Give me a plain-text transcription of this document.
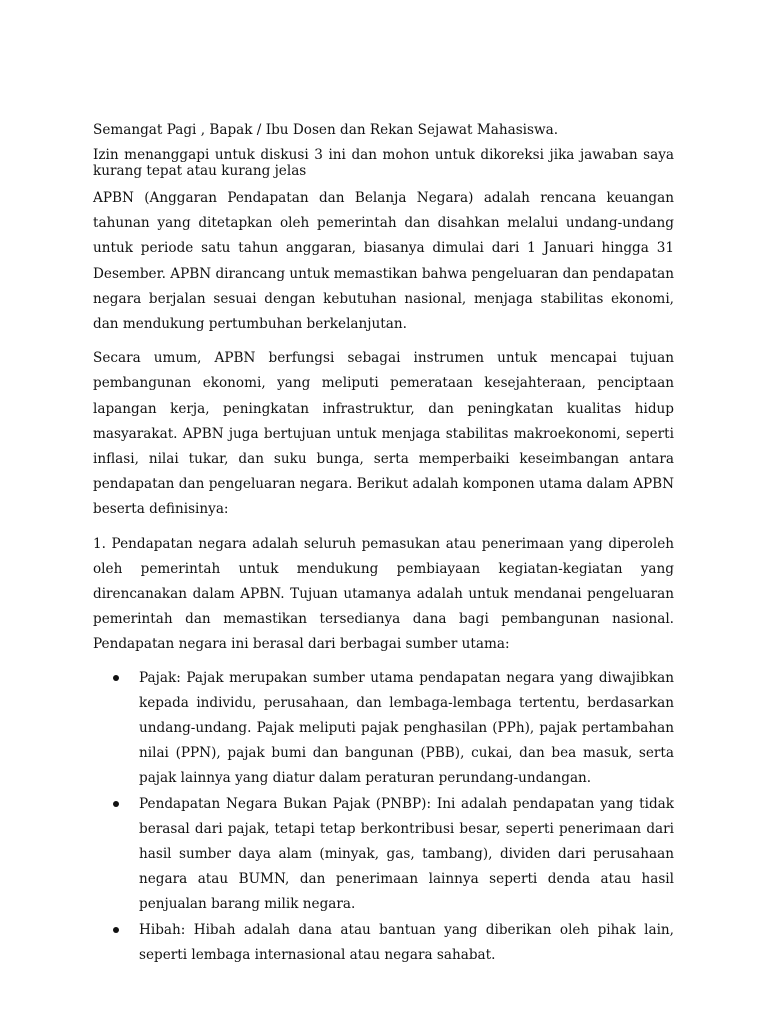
Semangat Pagi , Bapak / Ibu Dosen dan Rekan Sejawat Mahasiswa.

Izin menanggapi untuk diskusi 3 ini dan mohon untuk dikoreksi jika jawaban saya kurang tepat atau kurang jelas

APBN (Anggaran Pendapatan dan Belanja Negara) adalah rencana keuangan tahunan yang ditetapkan oleh pemerintah dan disahkan melalui undang-undang untuk periode satu tahun anggaran, biasanya dimulai dari 1 Januari hingga 31 Desember. APBN dirancang untuk memastikan bahwa pengeluaran dan pendapatan negara berjalan sesuai dengan kebutuhan nasional, menjaga stabilitas ekonomi, dan mendukung pertumbuhan berkelanjutan.

Secara umum, APBN berfungsi sebagai instrumen untuk mencapai tujuan pembangunan ekonomi, yang meliputi pemerataan kesejahteraan, penciptaan lapangan kerja, peningkatan infrastruktur, dan peningkatan kualitas hidup masyarakat. APBN juga bertujuan untuk menjaga stabilitas makroekonomi, seperti inflasi, nilai tukar, dan suku bunga, serta memperbaiki keseimbangan antara pendapatan dan pengeluaran negara. Berikut adalah komponen utama dalam APBN beserta definisinya:

1. Pendapatan negara adalah seluruh pemasukan atau penerimaan yang diperoleh oleh pemerintah untuk mendukung pembiayaan kegiatan-kegiatan yang direncanakan dalam APBN. Tujuan utamanya adalah untuk mendanai pengeluaran pemerintah dan memastikan tersedianya dana bagi pembangunan nasional. Pendapatan negara ini berasal dari berbagai sumber utama:

Pajak: Pajak merupakan sumber utama pendapatan negara yang diwajibkan kepada individu, perusahaan, dan lembaga-lembaga tertentu, berdasarkan undang-undang. Pajak meliputi pajak penghasilan (PPh), pajak pertambahan nilai (PPN), pajak bumi dan bangunan (PBB), cukai, dan bea masuk, serta pajak lainnya yang diatur dalam peraturan perundang-undangan.
Pendapatan Negara Bukan Pajak (PNBP): Ini adalah pendapatan yang tidak berasal dari pajak, tetapi tetap berkontribusi besar, seperti penerimaan dari hasil sumber daya alam (minyak, gas, tambang), dividen dari perusahaan negara atau BUMN, dan penerimaan lainnya seperti denda atau hasil penjualan barang milik negara.
Hibah: Hibah adalah dana atau bantuan yang diberikan oleh pihak lain, seperti lembaga internasional atau negara sahabat.
